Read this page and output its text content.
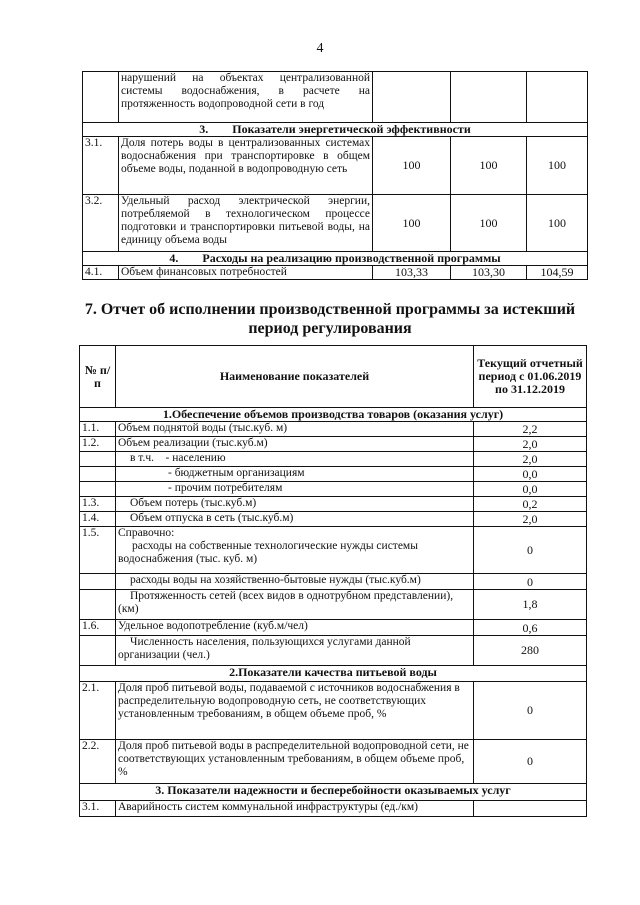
4
	нарушений на объектах централизованной системы водоснабжения, в расчете на протяженность водопроводной сети в год			
3. Показатели энергетической эффективности				
3.1.	Доля потерь воды в централизованных системах водоснабжения при транспортировке в общем объеме воды, поданной в водопроводную сеть	100	100	100
3.2.	Удельный расход электрической энергии, потребляемой в технологическом процессе подготовки и транспортировки питьевой воды, на единицу объема воды	100	100	100
4. Расходы на реализацию производственной программы				
4.1.	Объем финансовых потребностей	103,33	103,30	104,59
7. Отчет об исполнении производственной программы за истекший период регулирования
№ п/п	Наименование показателей	Текущий отчетный период с 01.06.2019 по 31.12.2019
1.Обеспечение объемов производства товаров (оказания услуг)		
1.1.	Объем поднятой воды (тыс.куб. м)	2,2
1.2.	Объем реализации (тыс.куб.м)	2,0
	в т.ч.    - населению	2,0
	- бюджетным организациям	0,0
	- прочим потребителям	0,0
1.3.	Объем потерь (тыс.куб.м)	0,2
1.4.	Объем отпуска в сеть (тыс.куб.м)	2,0
1.5.	Справочно:
расходы на собственные технологические нужды системы водоснабжения (тыс. куб. м)	0
	расходы воды на хозяйственно-бытовые нужды (тыс.куб.м)	0
	Протяженность сетей (всех видов в однотрубном представлении), (км)	1,8
1.6.	Удельное водопотребление (куб.м/чел)	0,6
	Численность населения, пользующихся услугами данной организации (чел.)	280
2.Показатели качества питьевой воды		
2.1.	Доля проб питьевой воды, подаваемой с источников водоснабжения в распределительную водопроводную сеть, не соответствующих установленным требованиям, в общем объеме проб, %	0
2.2.	Доля проб питьевой воды в распределительной водопроводной сети, не соответствующих установленным требованиям, в общем объеме проб, %	0
3. Показатели надежности и бесперебойности оказываемых услуг		
3.1.	Аварийность систем коммунальной инфраструктуры (ед./км)	
